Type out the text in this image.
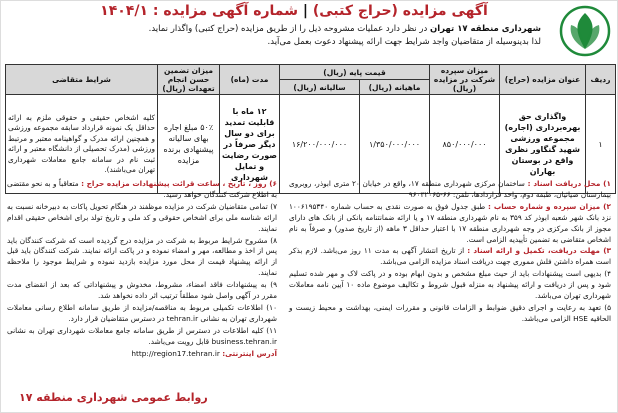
آگهی مزایده (حراج کتبی) | شماره آگهی مزایده : ۱۴۰۴/۱
شهرداری منطقه ۱۷ تهران در نظر دارد عملیات مشروحه ذیل را از طریق مزایده (حراج کتبی) واگذار نماید.
لذا بدینوسیله از متقاضیان واجد شرایط جهت ارائه پیشنهاد دعوت بعمل می‌آید.
ردیف	عنوان مزایده (حراج)	میزان سپرده شرکت در مزایده (ریال)	قیمت پایه (ریال)		مدت (ماه)	میزان تضمین حسن انجام تعهدات (ریال)	شرایط متقاضی
			ماهیانه (ریال)	سالیانه (ریال)			
۱	واگذاری حق بهره‌برداری (اجاره) مجموعه ورزشی شهید گنگاور نظری واقع در بوستان بهاران	۸۵۰/۰۰۰/۰۰۰	۱/۳۵۰/۰۰۰/۰۰۰	۱۶/۲۰۰/۰۰۰/۰۰۰	۱۲ ماه با قابلیت تمدید برای دو سال دیگر صرفاً در صورت رضایت و تمایل شهرداری	۵۰٪ مبلغ اجاره بهای سالیانه پیشنهادی برنده مزایده	کلیه اشخاص حقیقی و حقوقی ملزم به ارائه حداقل یک نمونه قرارداد سابقه مجموعه ورزشی و همچنین ارائه مدرک و گواهینامه معتبر و مرتبط ورزشی (مدرک تحصیلی از دانشگاه معتبر و ارائه ثبت نام در سامانه جامع معاملات شهرداری تهران می‌باشند).

۱) محل دریافت اسناد : ساختمان مرکزی شهرداری منطقه ۱۷، واقع در خیابان ۲۰ متری ابوذر، روبروی بیمارستان ضیائیان، طبقه دوم، واحد قراردادها، تلفن: ۶۶-۹۶۰۴۲۰۶۵

۲) میزان سپرده و شماره حساب : طبق جدول فوق به صورت نقدی به حساب شماره ۱۰۰۶۱۹۵۳۴۰ نزد بانک شهر شعبه ابوذر کد ۳۵۹ به نام شهرداری منطقه ۱۷ و یا ارائه ضمانتنامه بانکی از بانک های دارای مجوز از بانک مرکزی در وجه شهرداری منطقه ۱۷ با اعتبار حداقل ۳ ماهه (از تاریخ صدور) و صرفاً به نام اشخاص متقاضی به تضمین تأییدیه الزامی است.

۳) مهلت دریافت، تکمیل و ارائه اسناد : از تاریخ انتشار آگهی به مدت ۱۱ روز می‌باشد. لازم بذکر است همراه داشتن فلش مموری جهت دریافت اسناد مزایده الزامی می‌باشد.

۴) بدیهی است پیشنهادات باید از حیث مبلغ مشخص و بدون ابهام بوده و در پاکت لاک و مهر شده تسلیم شود و پس از دریافت و ارائه پیشنهاد به منزله قبول شروط و تکالیف موضوع ماده ۱۰ آیین نامه معاملات شهرداری تهران می‌باشد.

۵) تعهد به رعایت و اجرای دقیق ضوابط و الزامات قانونی و مقررات ایمنی، بهداشت و محیط زیست و الحاقیه HSE الزامی می‌باشد.

۶) روز ، تاریخ ، ساعت قرائت پیشنهادات مزایده حراج : متعاقباً و به نحو مقتضی به اطلاع شرکت کنندگان خواهد رسید.

۷) تمامی متقاضیان شرکت در مزایده موظفند در هنگام تحویل پاکات به دبیرخانه نسبت به ارائه شناسه ملی برای اشخاص حقوقی و کد ملی و تاریخ تولد برای اشخاص حقیقی اقدام نمایند.

۸) مشروح شرایط مربوط به شرکت در مزایده درج گردیده است که شرکت کنندگان باید پس از اخذ و مطالعه، مهر و امضاء نموده و در پاکت ارائه نمایند. شرکت کنندگان باید قبل از ارائه پیشنهاد قیمت از محل مورد مزایده بازدید نموده و شرایط موجود را ملاحظه نمایند.

۹) به پیشنهادات فاقد امضاء، مشروط، مخدوش و پیشنهاداتی که بعد از انقضای مدت مقرر در آگهی واصل شود مطلقاً ترتیب اثر داده نخواهد شد.

۱۰) اطلاعات تکمیلی مربوط به مناقصه/مزایده از طریق سامانه اطلاع رسانی معاملات شهرداری تهران به نشانی tehran.ir در دسترس متقاضیان قرار دارد.

۱۱) کلیه اطلاعات در دسترس از طریق سامانه جامع معاملات شهرداری تهران به نشانی business.tehran.ir قابل رویت می‌باشد.

آدرس اینترنتی: http://region17.tehran.ir

روابط عمومی شهرداری منطقه ۱۷
